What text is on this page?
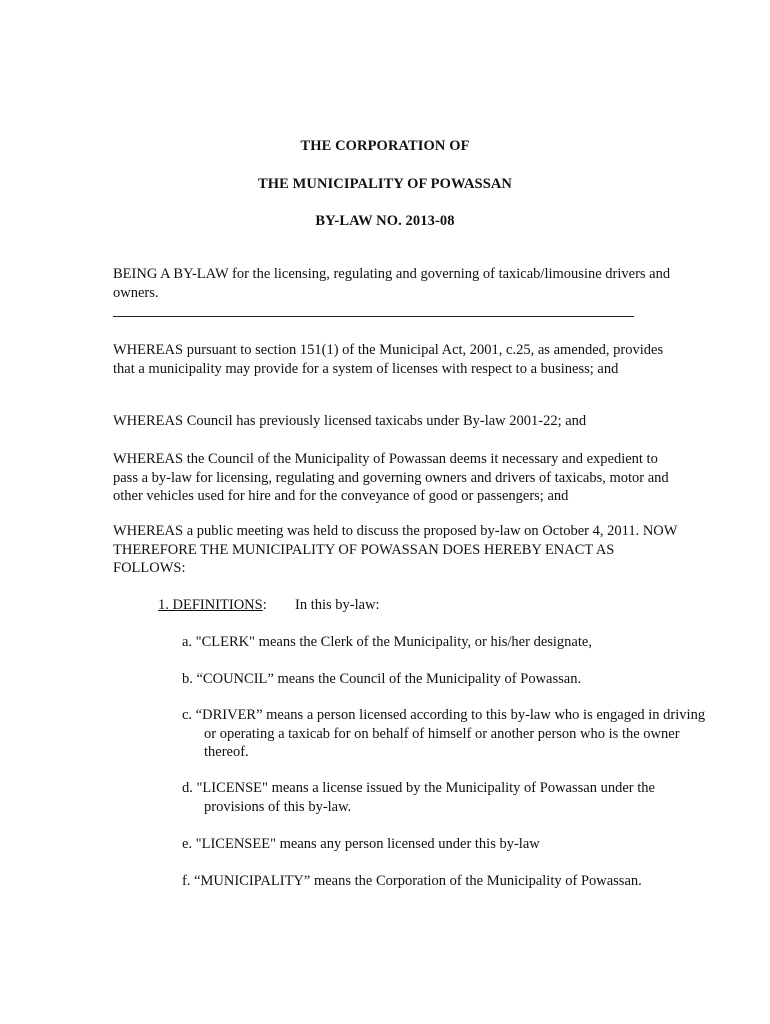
THE CORPORATION OF
THE MUNICIPALITY OF POWASSAN
BY-LAW NO. 2013-08
BEING A BY-LAW for the licensing, regulating and governing of taxicab/limousine drivers and owners.
WHEREAS pursuant to section 151(1) of the Municipal Act, 2001, c.25, as amended, provides that a municipality may provide for a system of licenses with respect to a business; and
WHEREAS Council has previously licensed taxicabs under By-law 2001-22; and
WHEREAS the Council of the Municipality of Powassan deems it necessary and expedient to pass a by-law for licensing, regulating and governing owners and drivers of taxicabs, motor and other vehicles used for hire and for the conveyance of good or passengers; and
WHEREAS a public meeting was held to discuss the proposed by-law on October 4, 2011. NOW THEREFORE THE MUNICIPALITY OF POWASSAN DOES HEREBY ENACT AS FOLLOWS:
1. DEFINITIONS: In this by-law:
a. "CLERK" means the Clerk of the Municipality, or his/her designate,
b. “COUNCIL” means the Council of the Municipality of Powassan.
c. “DRIVER” means a person licensed according to this by-law who is engaged in driving or operating a taxicab for on behalf of himself or another person who is the owner thereof.
d. "LICENSE" means a license issued by the Municipality of Powassan under the provisions of this by-law.
e. "LICENSEE" means any person licensed under this by-law
f. “MUNICIPALITY” means the Corporation of the Municipality of Powassan.
